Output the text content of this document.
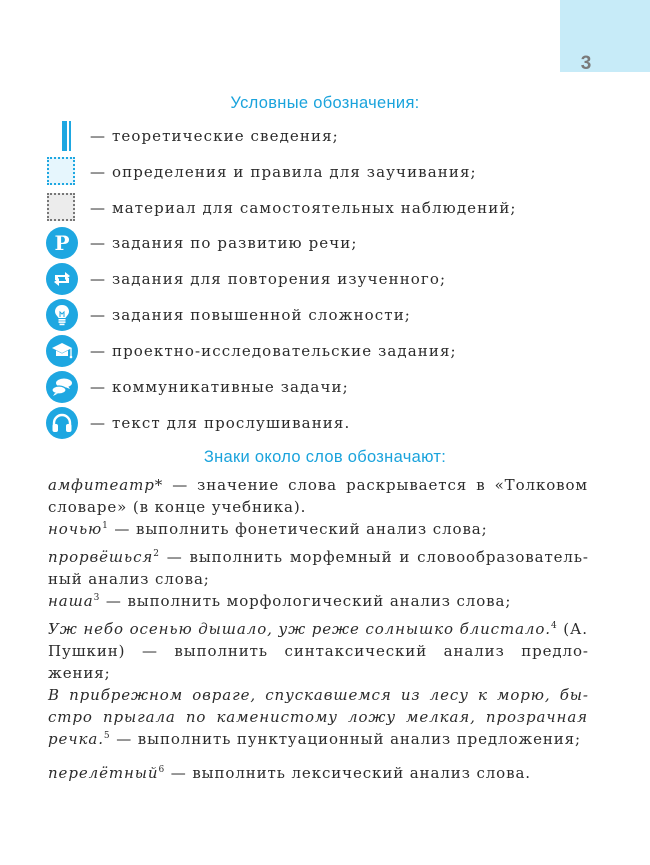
3
Условные обозначения:
— теоретические сведения;
— определения и правила для заучивания;
— материал для самостоятельных наблюдений;
Р — задания по развитию речи;
— задания для повторения изученного;
— задания повышенной сложности;
— проектно-исследовательские задания;
— коммуникативные задачи;
— текст для прослушивания.
Знаки около слов обозначают:
амфитеатр* — значение слова раскрывается в «Толковом словаре» (в конце учебника).
ночью$^1$ — выполнить фонетический анализ слова;
прорвёшься$^2$ — выполнить морфемный и словообразовательный анализ слова;
наша$^3$ — выполнить морфологический анализ слова;
Уж небо осенью дышало, уж реже солнышко блистало.$^4$ (А. Пушкин) — выполнить синтаксический анализ предложения;
В прибрежном овраге, спускавшемся из лесу к морю, быстро прыгала по каменистому ложу мелкая, прозрачная речка.$^5$ — выполнить пунктуационный анализ предложения;
перелётный$^6$ — выполнить лексический анализ слова.
